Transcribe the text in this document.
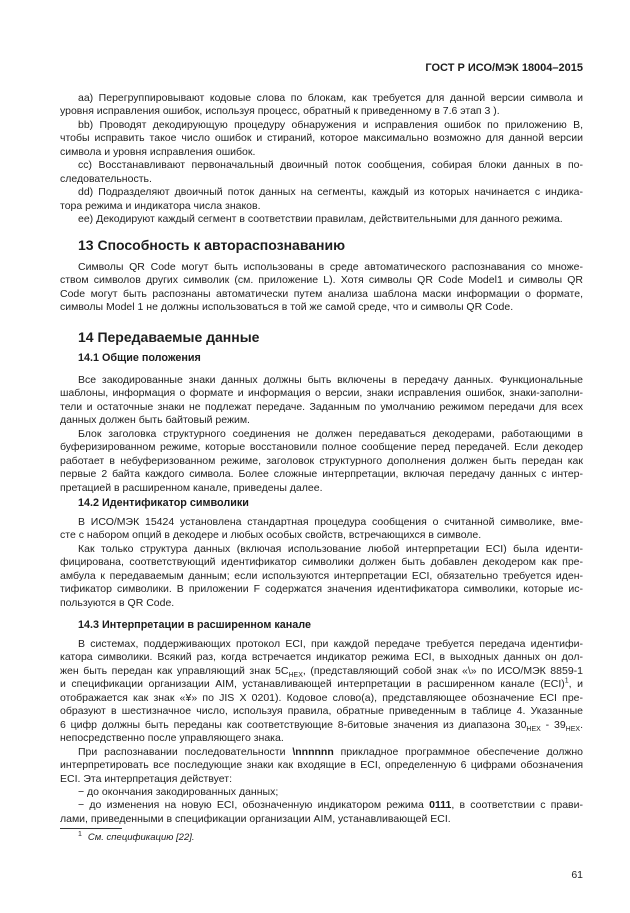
ГОСТ Р ИСО/МЭК 18004–2015
aa) Перегруппировывают кодовые слова по блокам, как требуется для данной версии символа и
уровня исправления ошибок, используя процесс, обратный к приведенному в 7.6 этап 3 ).
bb) Проводят декодирующую процедуру обнаружения и исправления ошибок по приложению B,
чтобы исправить такое число ошибок и стираний, которое максимально возможно для данной версии
символа и уровня исправления ошибок.
cc) Восстанавливают первоначальный двоичный поток сообщения, собирая блоки данных в по-
следовательность.
dd) Подразделяют двоичный поток данных на сегменты, каждый из которых начинается с индика-
тора режима и индикатора числа знаков.
ee) Декодируют каждый сегмент в соответствии правилам, действительными для данного режима.
13 Способность к автораспознаванию
Символы QR Code могут быть использованы в среде автоматического распознавания со множе-
ством символов других символик (см. приложение L). Хотя символы QR Code Model1 и символы QR
Code могут быть распознаны автоматически путем анализа шаблона маски информации о формате,
символы Model 1 не должны использоваться в той же самой среде, что и символы QR Code.
14 Передаваемые данные
14.1 Общие положения
Все закодированные знаки данных должны быть включены в передачу данных. Функциональные
шаблоны, информация о формате и информация о версии, знаки исправления ошибок, знаки-заполни-
тели и остаточные знаки не подлежат передаче. Заданным по умолчанию режимом передачи для всех
данных должен быть байтовый режим.
Блок заголовка структурного соединения не должен передаваться декодерами, работающими в
буферизированном режиме, которые восстановили полное сообщение перед передачей. Если декодер
работает в небуферизованном режиме, заголовок структурного дополнения должен быть передан как
первые 2 байта каждого символа. Более сложные интерпретации, включая передачу данных с интер-
претацией в расширенном канале, приведены далее.
14.2 Идентификатор символики
В ИСО/МЭК 15424 установлена стандартная процедура сообщения о считанной символике, вме-
сте с набором опций в декодере и любых особых свойств, встречающихся в символе.
Как только структура данных (включая использование любой интерпретации ECI) была иденти-
фицирована, соответствующий идентификатор символики должен быть добавлен декодером как пре-
амбула к передаваемым данным; если используются интерпретации ECI, обязательно требуется иден-
тификатор символики. В приложении F содержатся значения идентификатора символики, которые ис-
пользуются в QR Code.
14.3 Интерпретации в расширенном канале
В системах, поддерживающих протокол ECI, при каждой передаче требуется передача идентифи-
катора символики. Всякий раз, когда встречается индикатор режима ECI, в выходных данных он дол-
жен быть передан как управляющий знак $5C_{HEX}$, (представляющий собой знак «\» по ИСО/МЭК 8859-1
и спецификации организации AIM, устанавливающей интерпретации в расширенном канале (ECI)$^1$, и
отображается как знак «¥» по JIS X 0201). Кодовое слово(а), представляющее обозначение ECI пре-
образуют в шестизначное число, используя правила, обратные приведенным в таблице 4. Указанные
6 цифр должны быть переданы как соответствующие 8-битовые значения из диапазона $30_{HEX} - 39_{HEX}$.
непосредственно после управляющего знака.
При распознавании последовательности \nnnnnn прикладное программное обеспечение должно
интерпретировать все последующие знаки как входящие в ECI, определенную 6 цифрами обозначения
ECI. Эта интерпретация действует:
− до окончания закодированных данных;
− до изменения на новую ECI, обозначенную индикатором режима 0111, в соответствии с прави-
лами, приведенными в спецификации организации AIM, устанавливающей ECI.
$^1$ См. спецификацию [22].
61
